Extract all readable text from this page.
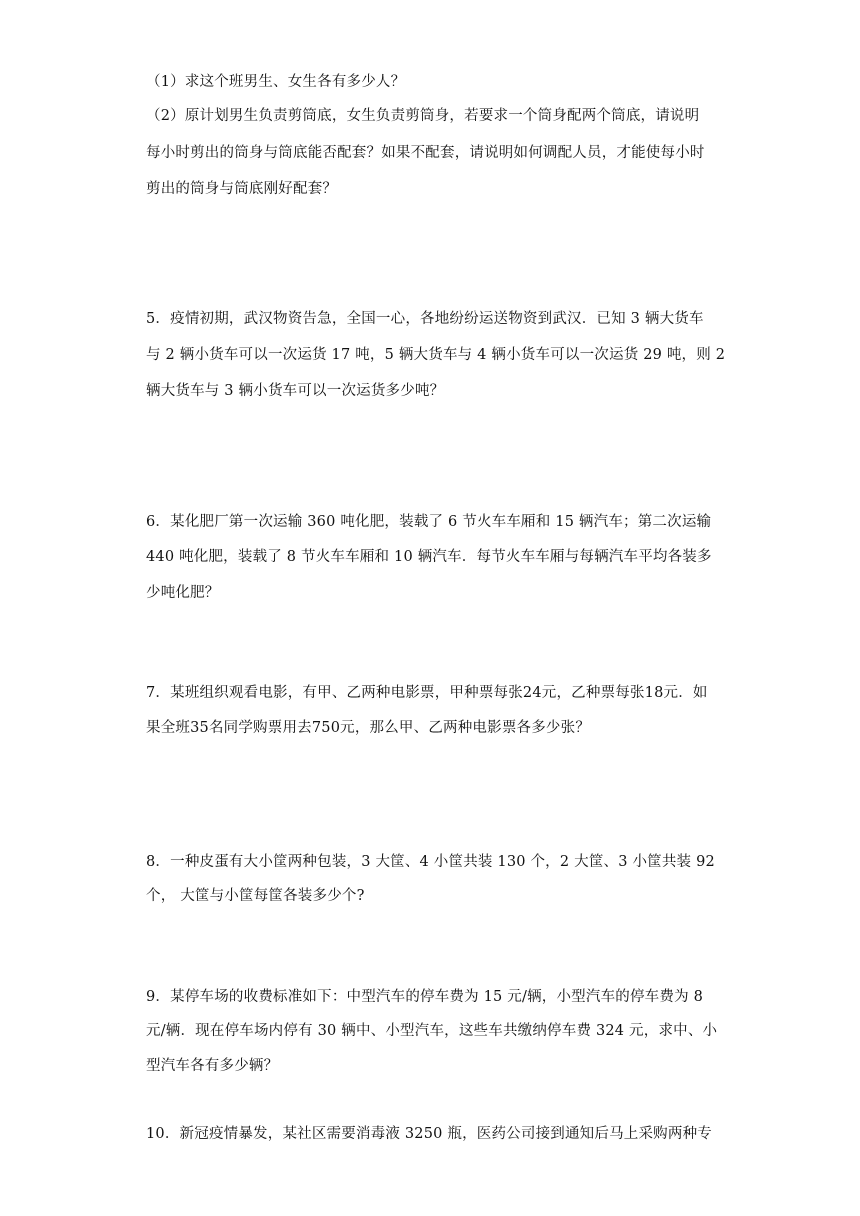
（1）求这个班男生、女生各有多少人？
（2）原计划男生负责剪筒底，女生负责剪筒身，若要求一个筒身配两个筒底，请说明
每小时剪出的筒身与筒底能否配套？如果不配套，请说明如何调配人员，才能使每小时
剪出的筒身与筒底刚好配套？
5．疫情初期，武汉物资告急，全国一心，各地纷纷运送物资到武汉．已知 3 辆大货车
与 2 辆小货车可以一次运货 17 吨，5 辆大货车与 4 辆小货车可以一次运货 29 吨，则 2
辆大货车与 3 辆小货车可以一次运货多少吨？
6．某化肥厂第一次运输 360 吨化肥，装载了 6 节火车车厢和 15 辆汽车；第二次运输
440 吨化肥，装载了 8 节火车车厢和 10 辆汽车．每节火车车厢与每辆汽车平均各装多
少吨化肥？
7．某班组织观看电影，有甲、乙两种电影票，甲种票每张24元，乙种票每张18元．如
果全班35名同学购票用去750元，那么甲、乙两种电影票各多少张？
8．一种皮蛋有大小筐两种包装，3 大筐、4 小筐共装 130 个，2 大筐、3 小筐共装 92
个， 大筐与小筐每筐各装多少个?
9．某停车场的收费标准如下：中型汽车的停车费为 15 元/辆，小型汽车的停车费为 8
元/辆．现在停车场内停有 30 辆中、小型汽车，这些车共缴纳停车费 324 元，求中、小
型汽车各有多少辆？
10．新冠疫情暴发，某社区需要消毒液 3250 瓶，医药公司接到通知后马上采购两种专
